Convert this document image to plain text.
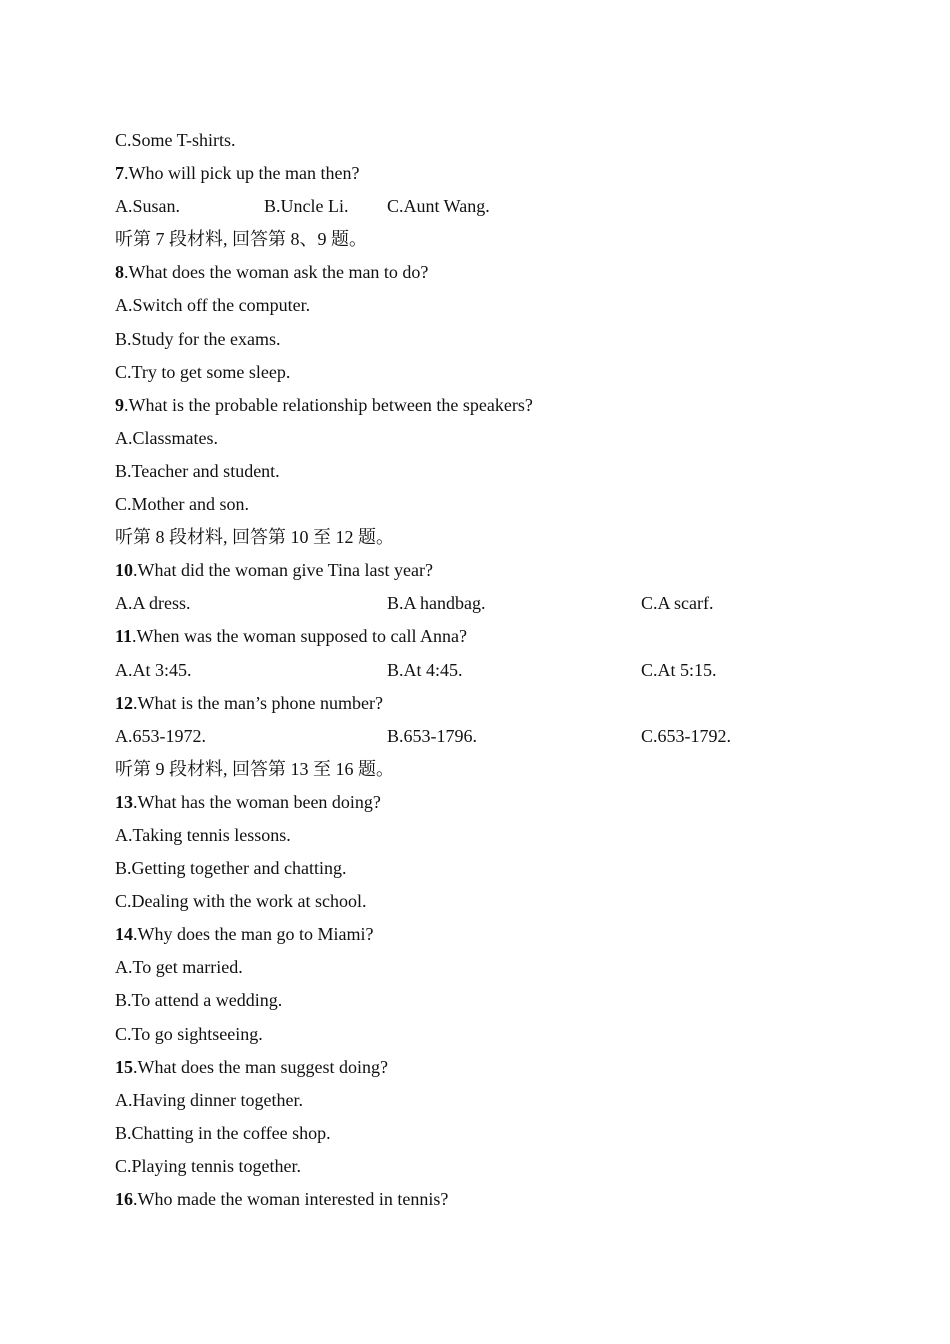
C.Some T-shirts.
7.Who will pick up the man then?
A.Susan.	B.Uncle Li. C.Aunt Wang.
听第 7 段材料, 回答第 8、9 题。
8.What does the woman ask the man to do?
A.Switch off the computer.
B.Study for the exams.
C.Try to get some sleep.
9.What is the probable relationship between the speakers?
A.Classmates.
B.Teacher and student.
C.Mother and son.
听第 8 段材料, 回答第 10 至 12 题。
10.What did the woman give Tina last year?
A.A dress.	B.A handbag.	C.A scarf.
11.When was the woman supposed to call Anna?
A.At 3:45.	B.At 4:45.	C.At 5:15.
12.What is the man’s phone number?
A.653-1972.	B.653-1796.	C.653-1792.
听第 9 段材料, 回答第 13 至 16 题。
13.What has the woman been doing?
A.Taking tennis lessons.
B.Getting together and chatting.
C.Dealing with the work at school.
14.Why does the man go to Miami?
A.To get married.
B.To attend a wedding.
C.To go sightseeing.
15.What does the man suggest doing?
A.Having dinner together.
B.Chatting in the coffee shop.
C.Playing tennis together.
16.Who made the woman interested in tennis?
